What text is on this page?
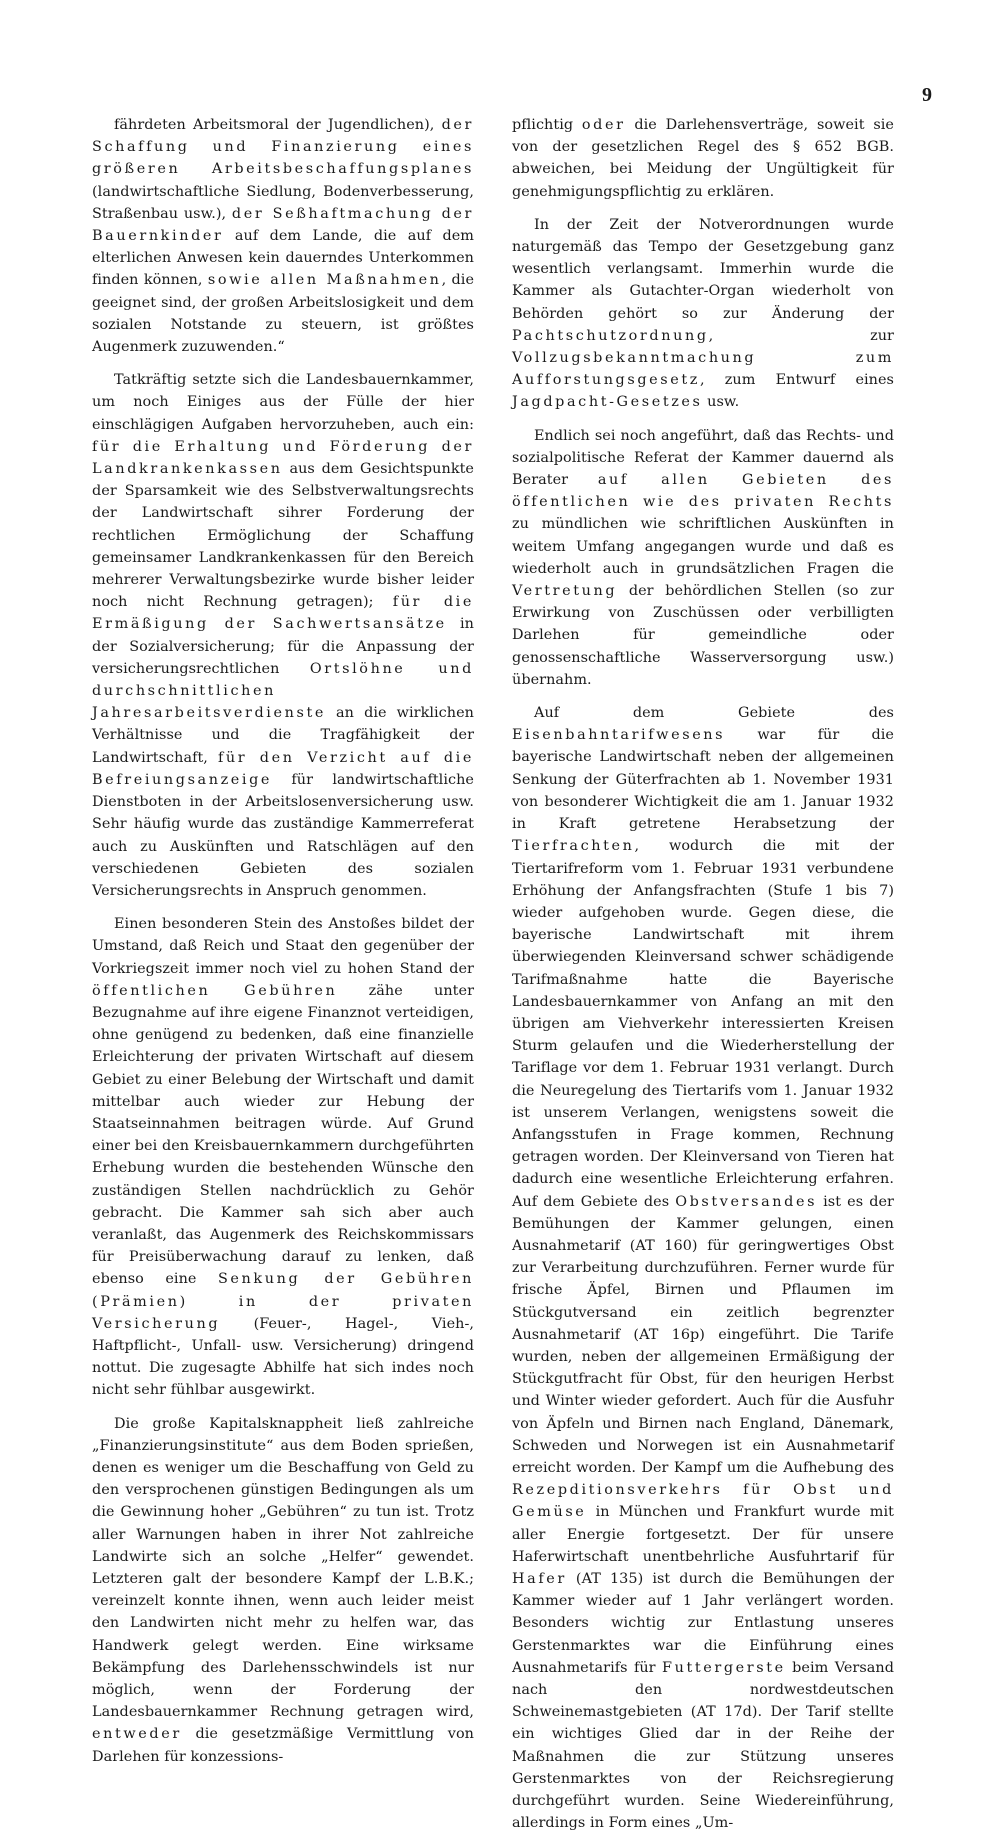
9

fährdeten Arbeitsmoral der Jugendlichen), der Schaffung und Finanzierung eines größeren Arbeitsbeschaffungsplanes (landwirtschaftliche Siedlung, Bodenverbesserung, Straßenbau usw.), der Seßhaftmachung der Bauernkinder auf dem Lande, die auf dem elterlichen Anwesen kein dauerndes Unterkommen finden können, sowie allen Maßnahmen, die geeignet sind, der großen Arbeitslosigkeit und dem sozialen Notstande zu steuern, ist größtes Augenmerk zuzuwenden.“

Tatkräftig setzte sich die Landesbauernkammer, um noch Einiges aus der Fülle der hier einschlägigen Aufgaben hervorzuheben, auch ein: für die Erhaltung und Förderung der Landkrankenkassen aus dem Gesichtspunkte der Sparsamkeit wie des Selbstverwaltungsrechts der Landwirtschaft sihrer Forderung der rechtlichen Ermöglichung der Schaffung gemeinsamer Landkrankenkassen für den Bereich mehrerer Verwaltungsbezirke wurde bisher leider noch nicht Rechnung getragen); für die Ermäßigung der Sachwertsansätze in der Sozialversicherung; für die Anpassung der versicherungsrechtlichen Ortslöhne und durchschnittlichen Jahresarbeitsverdienste an die wirklichen Verhältnisse und die Tragfähigkeit der Landwirtschaft, für den Verzicht auf die Befreiungsanzeige für landwirtschaftliche Dienstboten in der Arbeitslosenversicherung usw. Sehr häufig wurde das zuständige Kammerreferat auch zu Auskünften und Ratschlägen auf den verschiedenen Gebieten des sozialen Versicherungsrechts in Anspruch genommen.

Einen besonderen Stein des Anstoßes bildet der Umstand, daß Reich und Staat den gegenüber der Vorkriegszeit immer noch viel zu hohen Stand der öffentlichen Gebühren zähe unter Bezugnahme auf ihre eigene Finanznot verteidigen, ohne genügend zu bedenken, daß eine finanzielle Erleichterung der privaten Wirtschaft auf diesem Gebiet zu einer Belebung der Wirtschaft und damit mittelbar auch wieder zur Hebung der Staatseinnahmen beitragen würde. Auf Grund einer bei den Kreisbauernkammern durchgeführten Erhebung wurden die bestehenden Wünsche den zuständigen Stellen nachdrücklich zu Gehör gebracht. Die Kammer sah sich aber auch veranlaßt, das Augenmerk des Reichskommissars für Preisüberwachung darauf zu lenken, daß ebenso eine Senkung der Gebühren (Prämien) in der privaten Versicherung (Feuer-, Hagel-, Vieh-, Haftpflicht-, Unfall- usw. Versicherung) dringend nottut. Die zugesagte Abhilfe hat sich indes noch nicht sehr fühlbar ausgewirkt.

Die große Kapitalsknappheit ließ zahlreiche „Finanzierungsinstitute“ aus dem Boden sprießen, denen es weniger um die Beschaffung von Geld zu den versprochenen günstigen Bedingungen als um die Gewinnung hoher „Gebühren“ zu tun ist. Trotz aller Warnungen haben in ihrer Not zahlreiche Landwirte sich an solche „Helfer“ gewendet. Letzteren galt der besondere Kampf der L.B.K.; vereinzelt konnte ihnen, wenn auch leider meist den Landwirten nicht mehr zu helfen war, das Handwerk gelegt werden. Eine wirksame Bekämpfung des Darlehensschwindels ist nur möglich, wenn der Forderung der Landesbauernkammer Rechnung getragen wird, entweder die gesetzmäßige Vermittlung von Darlehen für konzessions-

pflichtig oder die Darlehensverträge, soweit sie von der gesetzlichen Regel des § 652 BGB. abweichen, bei Meidung der Ungültigkeit für genehmigungspflichtig zu erklären.

In der Zeit der Notverordnungen wurde naturgemäß das Tempo der Gesetzgebung ganz wesentlich verlangsamt. Immerhin wurde die Kammer als Gutachter-Organ wiederholt von Behörden gehört so zur Änderung der Pachtschutzordnung, zur Vollzugsbekanntmachung zum Aufforstungsgesetz, zum Entwurf eines Jagdpacht-Gesetzes usw.

Endlich sei noch angeführt, daß das Rechts- und sozialpolitische Referat der Kammer dauernd als Berater auf allen Gebieten des öffentlichen wie des privaten Rechts zu mündlichen wie schriftlichen Auskünften in weitem Umfang angegangen wurde und daß es wiederholt auch in grundsätzlichen Fragen die Vertretung der behördlichen Stellen (so zur Erwirkung von Zuschüssen oder verbilligten Darlehen für gemeindliche oder genossenschaftliche Wasserversorgung usw.) übernahm.

Auf dem Gebiete des Eisenbahntarifwesens war für die bayerische Landwirtschaft neben der allgemeinen Senkung der Güterfrachten ab 1. November 1931 von besonderer Wichtigkeit die am 1. Januar 1932 in Kraft getretene Herabsetzung der Tierfrachten, wodurch die mit der Tiertarifreform vom 1. Februar 1931 verbundene Erhöhung der Anfangsfrachten (Stufe 1 bis 7) wieder aufgehoben wurde. Gegen diese, die bayerische Landwirtschaft mit ihrem überwiegenden Kleinversand schwer schädigende Tarifmaßnahme hatte die Bayerische Landesbauernkammer von Anfang an mit den übrigen am Viehverkehr interessierten Kreisen Sturm gelaufen und die Wiederherstellung der Tariflage vor dem 1. Februar 1931 verlangt. Durch die Neuregelung des Tiertarifs vom 1. Januar 1932 ist unserem Verlangen, wenigstens soweit die Anfangsstufen in Frage kommen, Rechnung getragen worden. Der Kleinversand von Tieren hat dadurch eine wesentliche Erleichterung erfahren. Auf dem Gebiete des Obstversandes ist es der Bemühungen der Kammer gelungen, einen Ausnahmetarif (AT 160) für geringwertiges Obst zur Verarbeitung durchzuführen. Ferner wurde für frische Äpfel, Birnen und Pflaumen im Stückgutversand ein zeitlich begrenzter Ausnahmetarif (AT 16p) eingeführt. Die Tarife wurden, neben der allgemeinen Ermäßigung der Stückgutfracht für Obst, für den heurigen Herbst und Winter wieder gefordert. Auch für die Ausfuhr von Äpfeln und Birnen nach England, Dänemark, Schweden und Norwegen ist ein Ausnahmetarif erreicht worden. Der Kampf um die Aufhebung des Rezepditionsverkehrs für Obst und Gemüse in München und Frankfurt wurde mit aller Energie fortgesetzt. Der für unsere Haferwirtschaft unentbehrliche Ausfuhrtarif für Hafer (AT 135) ist durch die Bemühungen der Kammer wieder auf 1 Jahr verlängert worden. Besonders wichtig zur Entlastung unseres Gerstenmarktes war die Einführung eines Ausnahmetarifs für Futtergerste beim Versand nach den nordwestdeutschen Schweinemastgebieten (AT 17d). Der Tarif stellte ein wichtiges Glied dar in der Reihe der Maßnahmen die zur Stützung unseres Gerstenmarktes von der Reichsregierung durchgeführt wurden. Seine Wiedereinführung, allerdings in Form eines „Um-
